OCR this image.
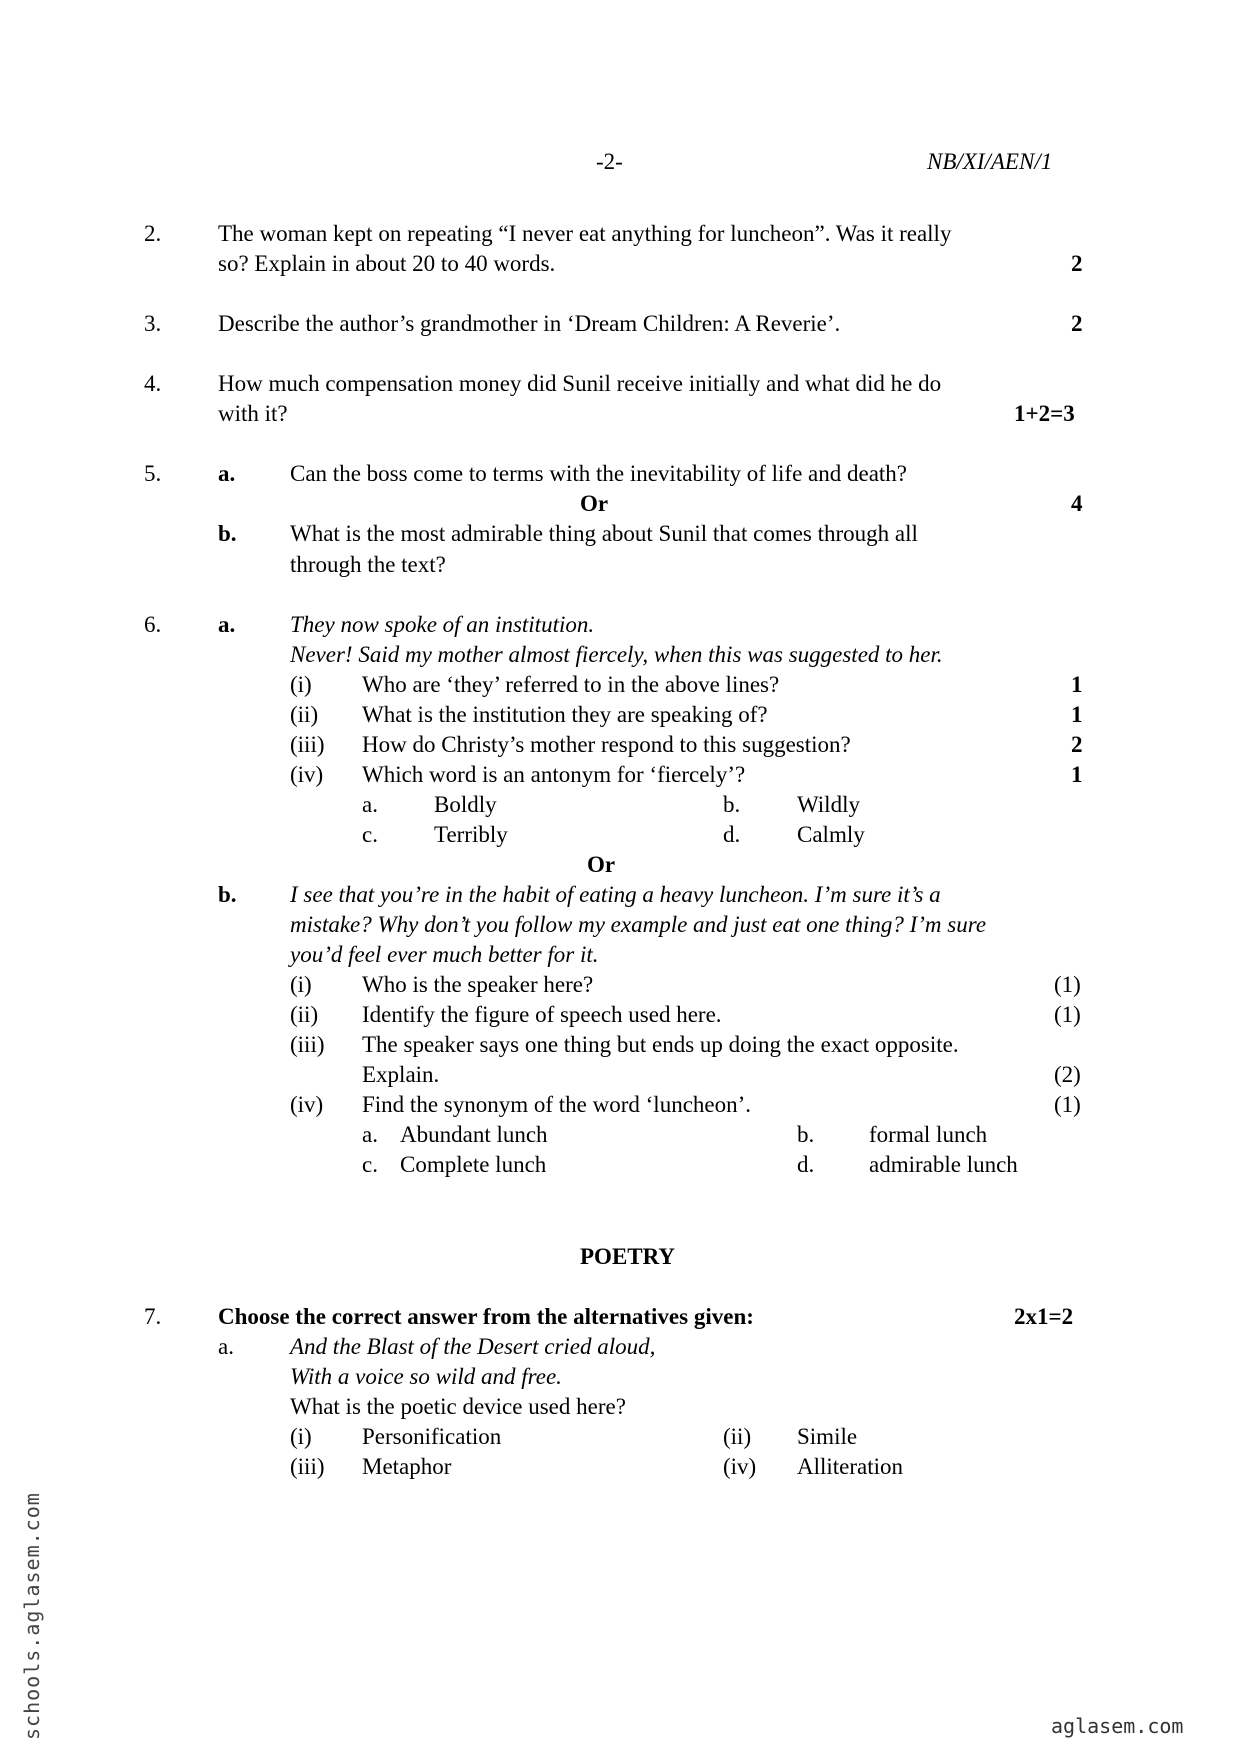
-2-	NB/XI/AEN/1
2. The woman kept on repeating “I never eat anything for luncheon”. Was it really
so? Explain in about 20 to 40 words.	2
3. Describe the author’s grandmother in ‘Dream Children: A Reverie’.	2
4. How much compensation money did Sunil receive initially and what did he do
with it?	1+2=3
5. a. Can the boss come to terms with the inevitability of life and death?
Or	4
b. What is the most admirable thing about Sunil that comes through all
through the text?
6. a. They now spoke of an institution.
Never! Said my mother almost fiercely, when this was suggested to her.
(i) Who are ‘they’ referred to in the above lines?	1
(ii) What is the institution they are speaking of?	1
(iii) How do Christy’s mother respond to this suggestion?	2
(iv) Which word is an antonym for ‘fiercely’?	1
a. Boldly	b. Wildly
c. Terribly	d. Calmly
Or
b. I see that you’re in the habit of eating a heavy luncheon. I’m sure it’s a
mistake? Why don’t you follow my example and just eat one thing? I’m sure
you’d feel ever much better for it.
(i) Who is the speaker here?	(1)
(ii) Identify the figure of speech used here.	(1)
(iii) The speaker says one thing but ends up doing the exact opposite.
Explain.	(2)
(iv) Find the synonym of the word ‘luncheon’.	(1)
a. Abundant lunch	b. formal lunch
c. Complete lunch	d. admirable lunch
POETRY
7. Choose the correct answer from the alternatives given:	2x1=2
a. And the Blast of the Desert cried aloud,
With a voice so wild and free.
What is the poetic device used here?
(i) Personification	(ii) Simile
(iii) Metaphor	(iv) Alliteration
schools.aglasem.com	aglasem.com
